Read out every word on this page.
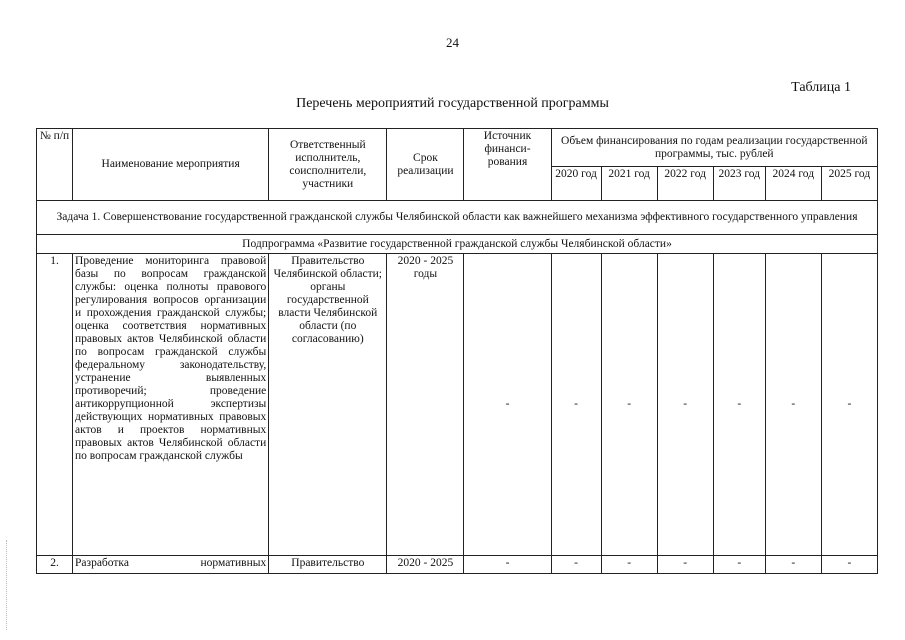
24
Таблица 1
Перечень мероприятий государственной программы
№ п/п	Наименование мероприятия	Ответственный исполнитель, соисполнители, участники	Срок реализации	Источник финанси-рования	Объем финансирования по годам реализации государственной программы, тыс. рублей					
					2020 год	2021 год	2022 год	2023 год	2024 год	2025 год
Задача 1. Совершенствование государственной гражданской службы Челябинской области как важнейшего механизма эффективного государственного управления										
Подпрограмма «Развитие государственной гражданской службы Челябинской области»										
1.	Проведение мониторинга правовой базы по вопросам гражданской службы: оценка полноты правового регулирования вопросов организации и прохождения гражданской службы; оценка соответствия нормативных правовых актов Челябинской области по вопросам гражданской службы федеральному законодательству, устранение выявленных противоречий; проведение антикоррупционной экспертизы действующих нормативных правовых актов и проектов нормативных правовых актов Челябинской области по вопросам гражданской службы	Правительство Челябинской области; органы государственной власти Челябинской области (по согласованию)	2020 - 2025 годы	-	-	-	-	-	-	-
2.	Разработка нормативных	Правительство	2020 - 2025	-	-	-	-	-	-	-
